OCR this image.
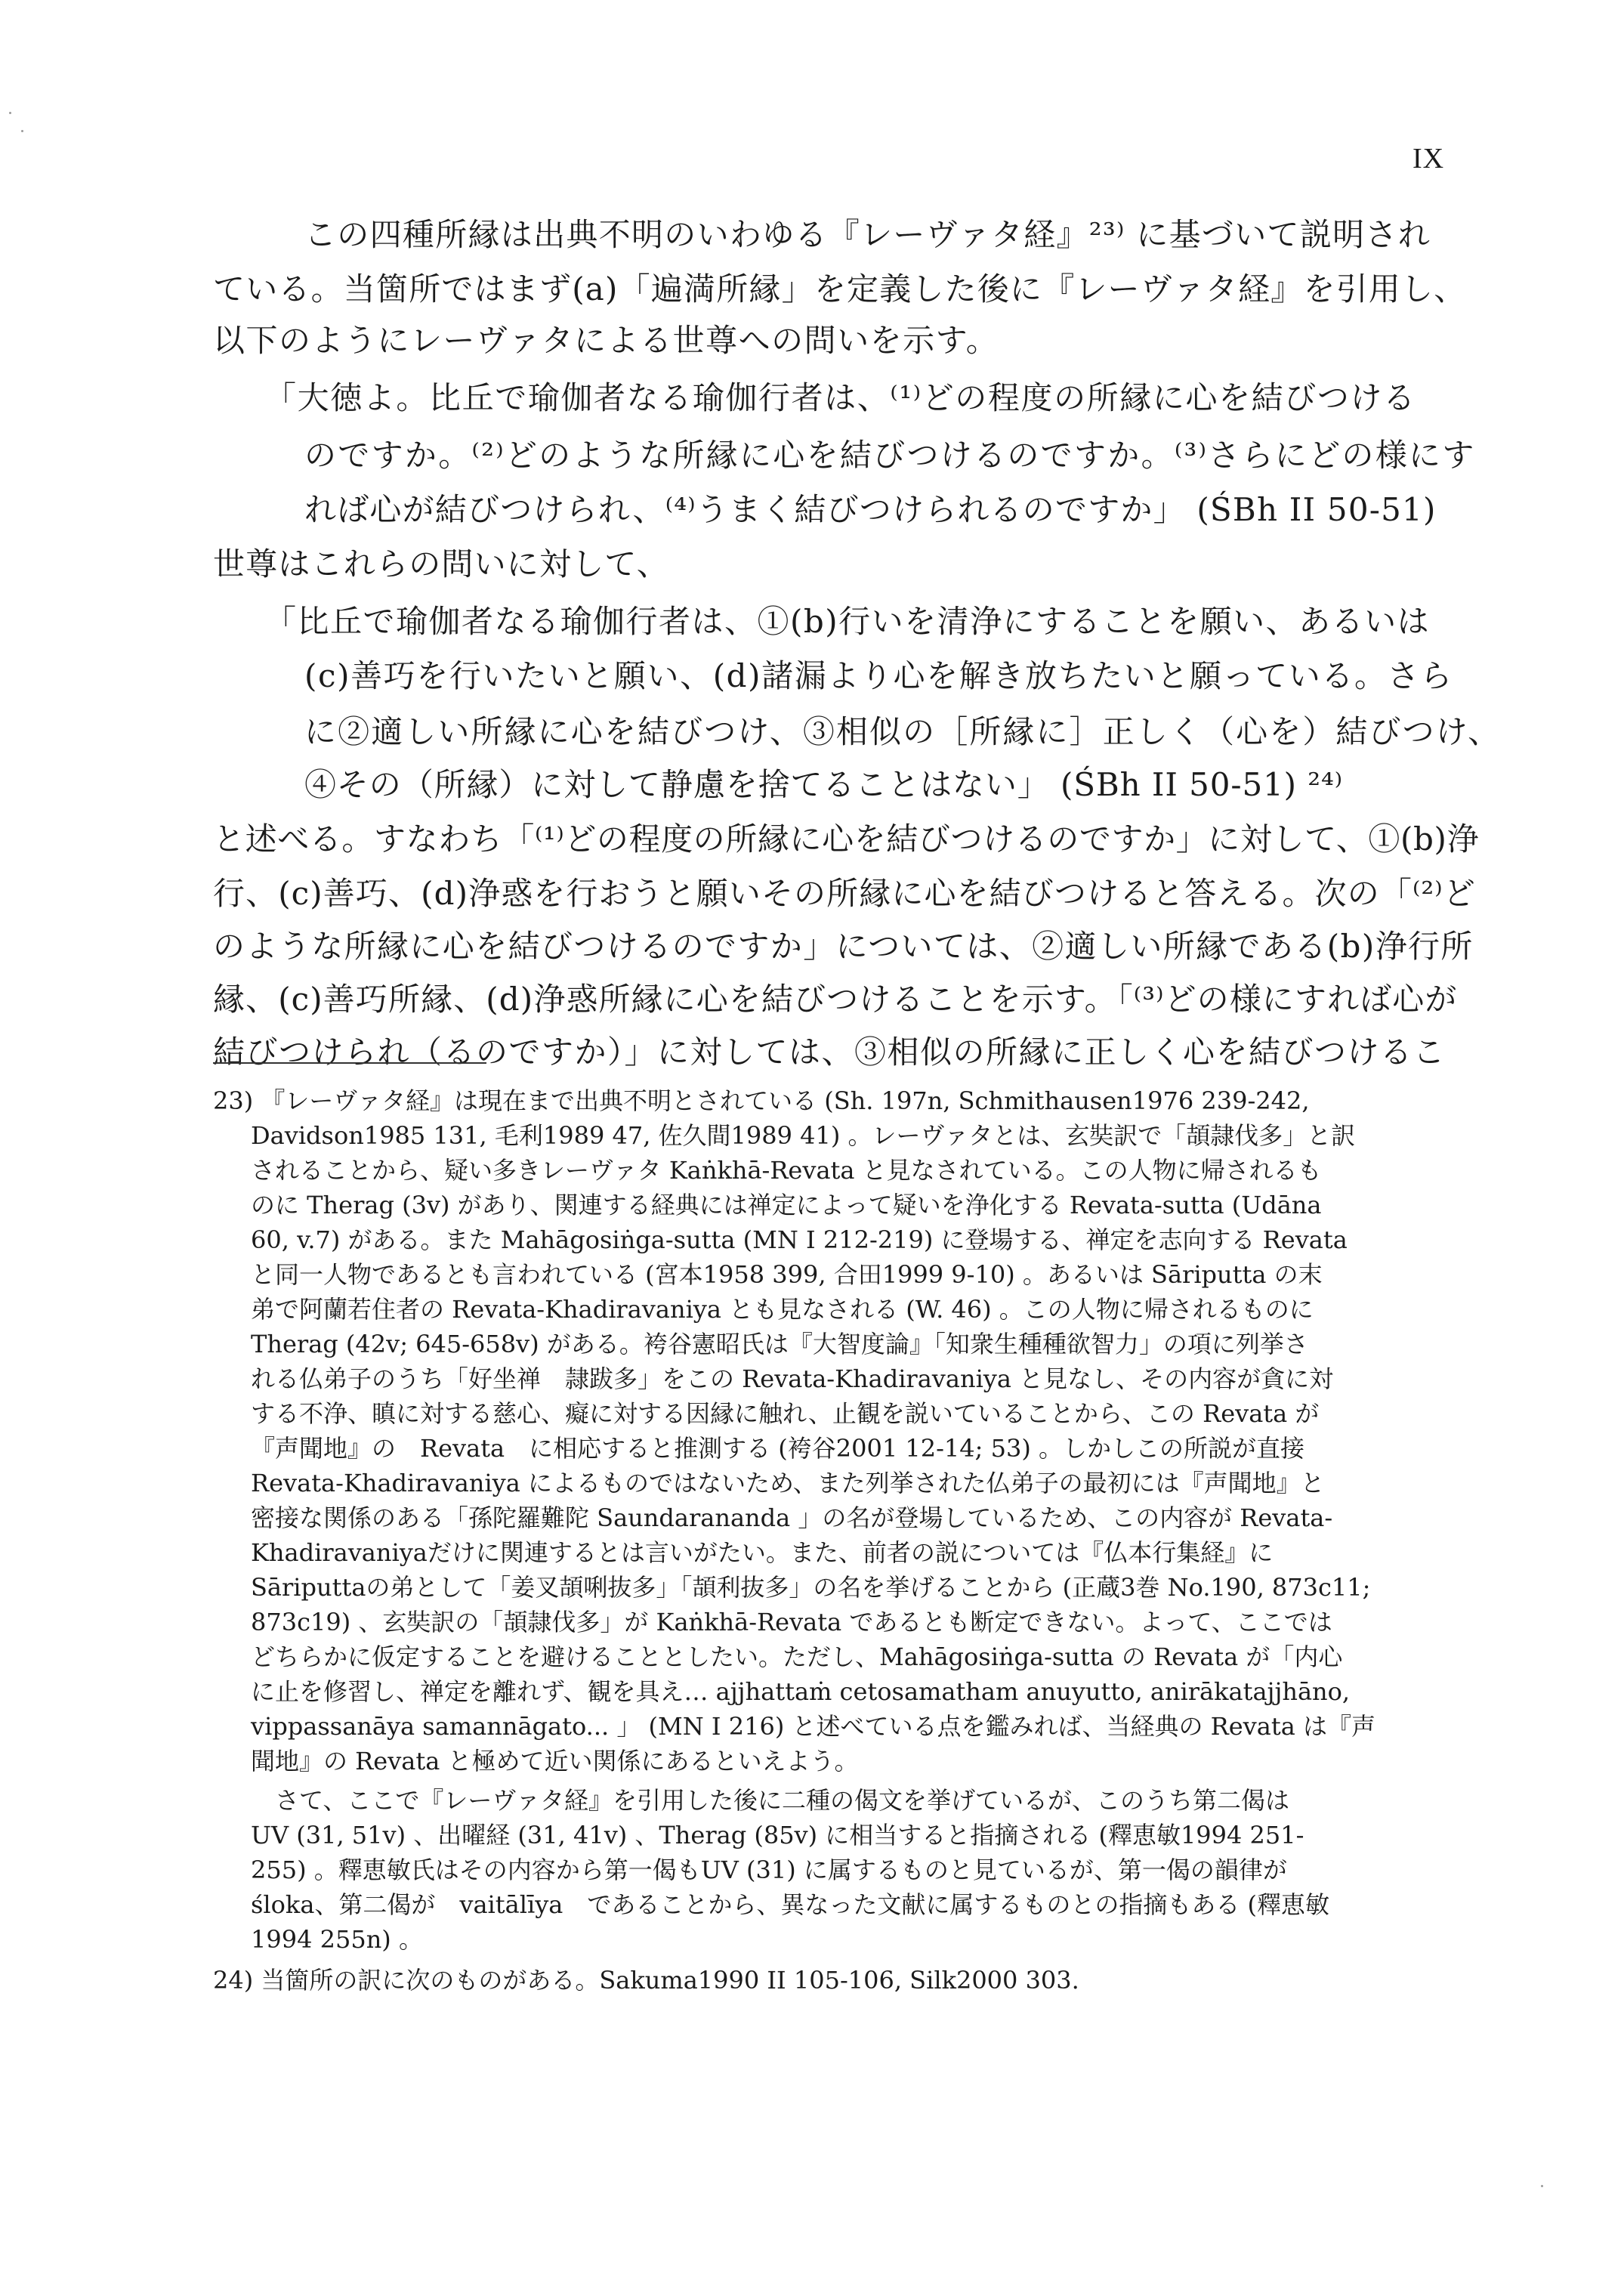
IX

この四種所縁は出典不明のいわゆる『レーヴァタ経』²³⁾ に基づいて説明され

ている。当箇所ではまず(a)「遍満所縁」を定義した後に『レーヴァタ経』を引用し、

以下のようにレーヴァタによる世尊への問いを示す。

「大徳よ。比丘で瑜伽者なる瑜伽行者は、⁽¹⁾どの程度の所縁に心を結びつける

のですか。⁽²⁾どのような所縁に心を結びつけるのですか。⁽³⁾さらにどの様にす

れば心が結びつけられ、⁽⁴⁾うまく結びつけられるのですか」 (ŚBh II 50-51)

世尊はこれらの問いに対して、

「比丘で瑜伽者なる瑜伽行者は、①(b)行いを清浄にすることを願い、あるいは

(c)善巧を行いたいと願い、(d)諸漏より心を解き放ちたいと願っている。さら

に②適しい所縁に心を結びつけ、③相似の［所縁に］正しく（心を）結びつけ、

④その（所縁）に対して静慮を捨てることはない」 (ŚBh II 50-51) ²⁴⁾

と述べる。すなわち「⁽¹⁾どの程度の所縁に心を結びつけるのですか」に対して、①(b)浄

行、(c)善巧、(d)浄惑を行おうと願いその所縁に心を結びつけると答える。次の「⁽²⁾ど

のような所縁に心を結びつけるのですか」については、②適しい所縁である(b)浄行所

縁、(c)善巧所縁、(d)浄惑所縁に心を結びつけることを示す。「⁽³⁾どの様にすれば心が

結びつけられ（るのですか）」に対しては、③相似の所縁に正しく心を結びつけるこ

23) 『レーヴァタ経』は現在まで出典不明とされている (Sh. 197n, Schmithausen1976 239-242,

Davidson1985 131, 毛利1989 47, 佐久間1989 41) 。レーヴァタとは、玄奘訳で「頡隷伐多」と訳

されることから、疑い多きレーヴァタ Kaṅkhā-Revata と見なされている。この人物に帰されるも

のに Therag (3v) があり、関連する経典には禅定によって疑いを浄化する Revata-sutta (Udāna

60, v.7) がある。また Mahāgosiṅga-sutta (MN I 212-219) に登場する、禅定を志向する Revata

と同一人物であるとも言われている (宮本1958 399, 合田1999 9-10) 。あるいは Sāriputta の末

弟で阿蘭若住者の Revata-Khadiravaniya とも見なされる (W. 46) 。この人物に帰されるものに

Therag (42v; 645-658v) がある。袴谷憲昭氏は『大智度論』「知衆生種種欲智力」の項に列挙さ

れる仏弟子のうち「好坐禅　隷跋多」をこの Revata-Khadiravaniya と見なし、その内容が貪に対

する不浄、瞋に対する慈心、癡に対する因縁に触れ、止観を説いていることから、この Revata が

『声聞地』の　Revata　に相応すると推測する (袴谷2001 12-14; 53) 。しかしこの所説が直接

Revata-Khadiravaniya によるものではないため、また列挙された仏弟子の最初には『声聞地』と

密接な関係のある「孫陀羅難陀 Saundarananda 」の名が登場しているため、この内容が Revata-

Khadiravaniyaだけに関連するとは言いがたい。また、前者の説については『仏本行集経』に

Sāriputtaの弟として「姜叉頡唎抜多」「頡利抜多」の名を挙げることから (正蔵3巻 No.190, 873c11;

873c19) 、玄奘訳の「頡隷伐多」が Kaṅkhā-Revata であるとも断定できない。よって、ここでは

どちらかに仮定することを避けることとしたい。ただし、Mahāgosiṅga-sutta の Revata が「内心

に止を修習し、禅定を離れず、観を具え… ajjhattaṁ cetosamatham anuyutto, anirākatajjhāno,

vippassanāya samannāgato... 」 (MN I 216) と述べている点を鑑みれば、当経典の Revata は『声

聞地』の Revata と極めて近い関係にあるといえよう。

　さて、ここで『レーヴァタ経』を引用した後に二種の偈文を挙げているが、このうち第二偈は

UV (31, 51v) 、出曜経 (31, 41v) 、Therag (85v) に相当すると指摘される (釋恵敏1994 251-

255) 。釋恵敏氏はその内容から第一偈もUV (31) に属するものと見ているが、第一偈の韻律が

śloka、第二偈が　vaitālīya　であることから、異なった文献に属するものとの指摘もある (釋恵敏

1994 255n) 。

24) 当箇所の訳に次のものがある。Sakuma1990 II 105-106, Silk2000 303.
